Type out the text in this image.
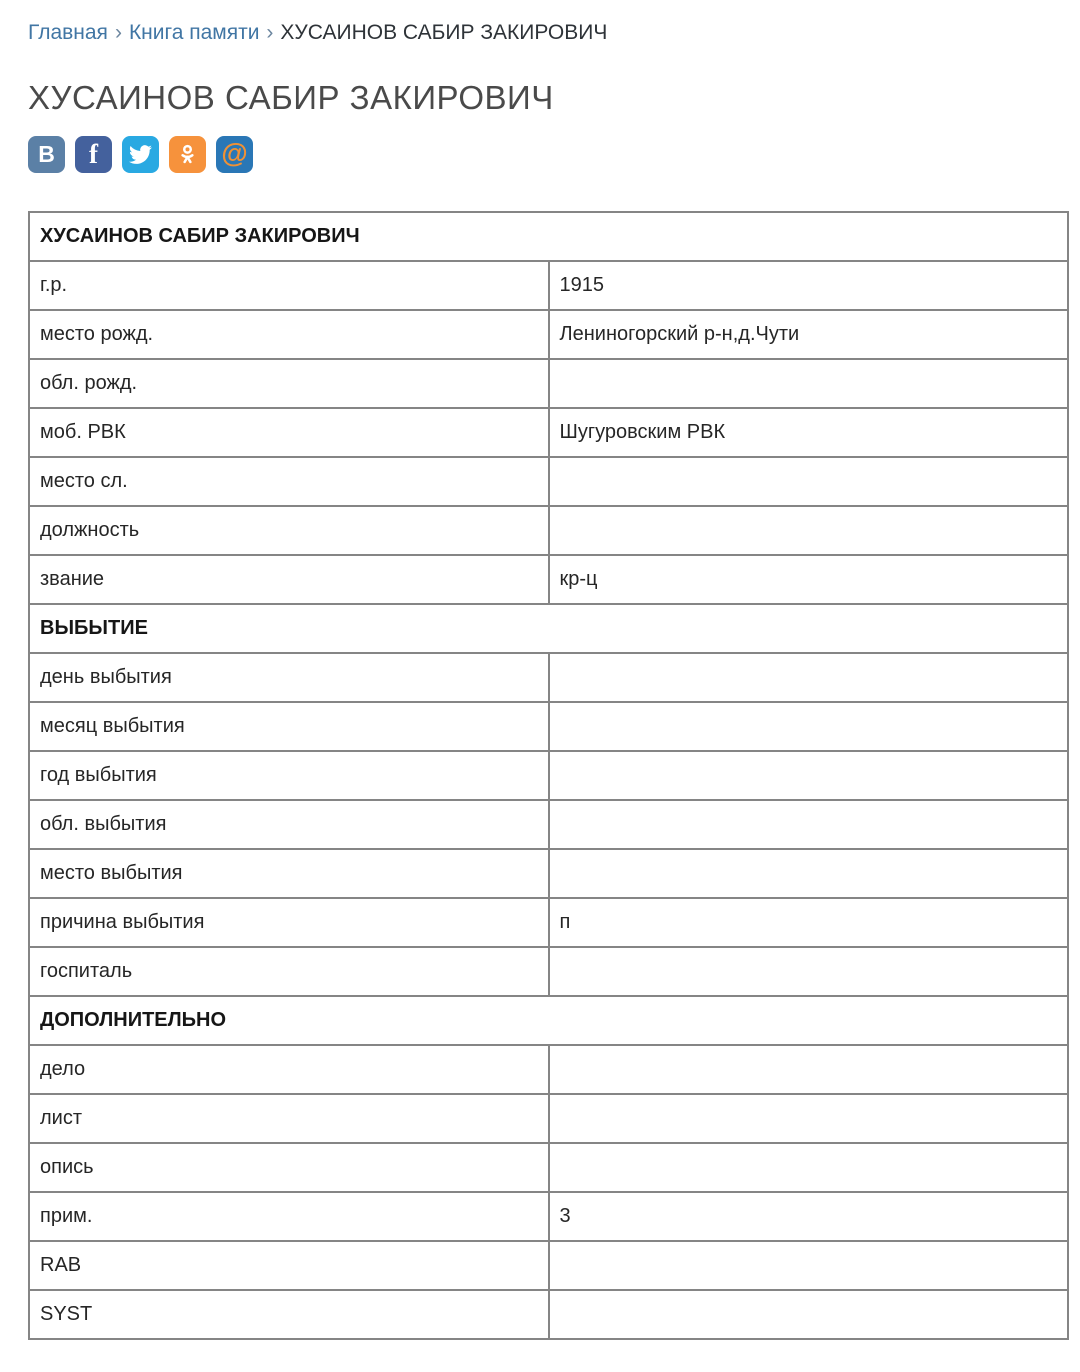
Главная › Книга памяти › ХУСАИНОВ САБИР ЗАКИРОВИЧ
ХУСАИНОВ САБИР ЗАКИРОВИЧ
В f	@
ХУСАИНОВ САБИР ЗАКИРОВИЧ	
г.р.	1915
место рожд.	Лениногорский р-н,д.Чути
обл. рожд.	
моб. РВК	Шугуровским РВК
место сл.	
должность	
звание	кр-ц
ВЫБЫТИЕ	
день выбытия	
месяц выбытия	
год выбытия	
обл. выбытия	
место выбытия	
причина выбытия	п
госпиталь	
ДОПОЛНИТЕЛЬНО	
дело	
лист	
опись	
прим.	3
RAB	
SYST	
